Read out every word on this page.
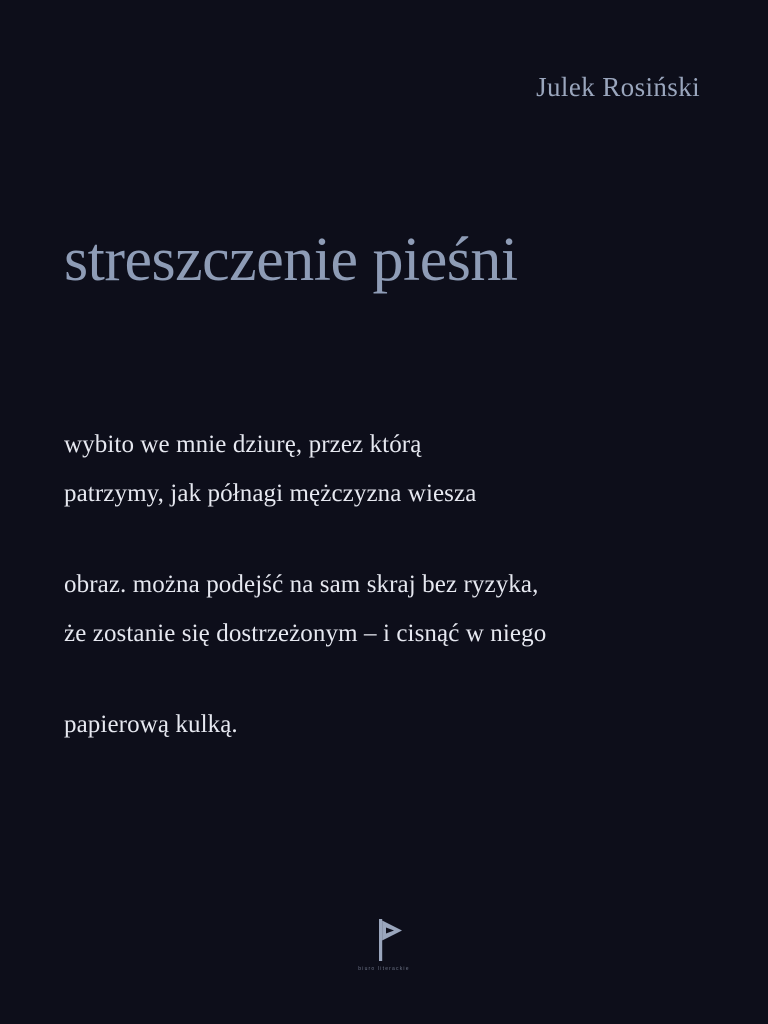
Julek Rosiński
streszczenie pieśni
wybito we mnie dziurę, przez którą
patrzymy, jak półnagi mężczyzna wiesza
obraz. można podejść na sam skraj bez ryzyka,
że zostanie się dostrzeżonym – i cisnąć w niego
papierową kulką.
biuro literackie
